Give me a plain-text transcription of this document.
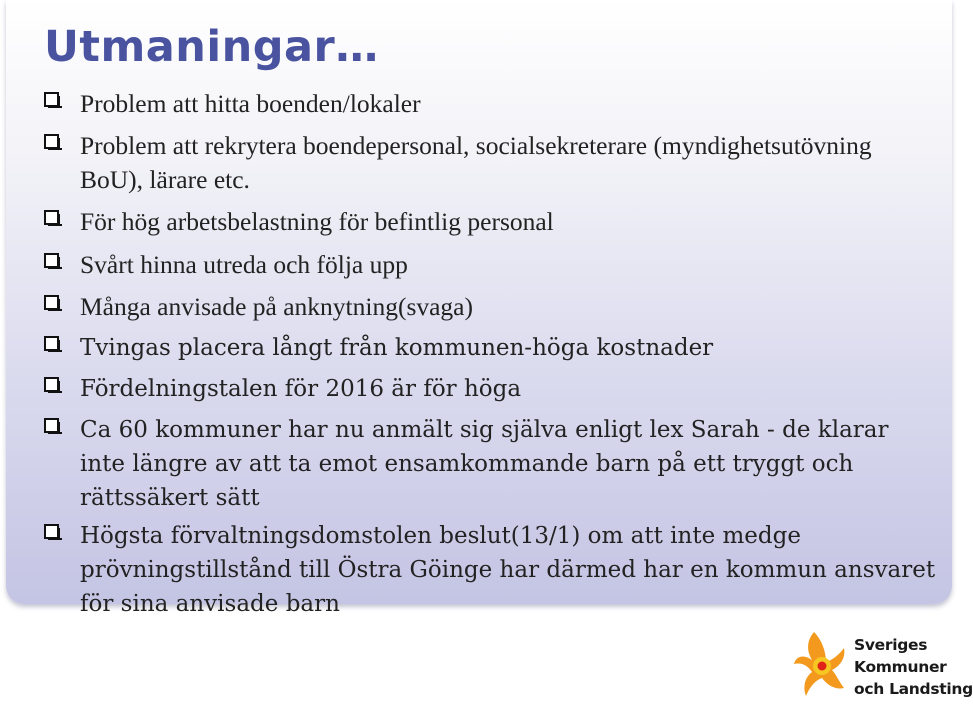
Utmaningar…
Problem att hitta boenden/lokaler
Problem att rekrytera boendepersonal, socialsekreterare (myndighetsutövning BoU), lärare etc.
För hög arbetsbelastning för befintlig personal
Svårt hinna utreda och följa upp
Många anvisade på anknytning(svaga)
Tvingas placera långt från kommunen-höga kostnader
Fördelningstalen för 2016 är för höga
Ca 60 kommuner har nu anmält sig själva enligt lex Sarah - de klarar inte längre av att ta emot ensamkommande barn på ett tryggt och rättssäkert sätt
Högsta förvaltningsdomstolen beslut(13/1) om att inte medge prövningstillstånd till Östra Göinge har därmed har en kommun ansvaret för sina anvisade barn
Sveriges
Kommuner
och Landsting
